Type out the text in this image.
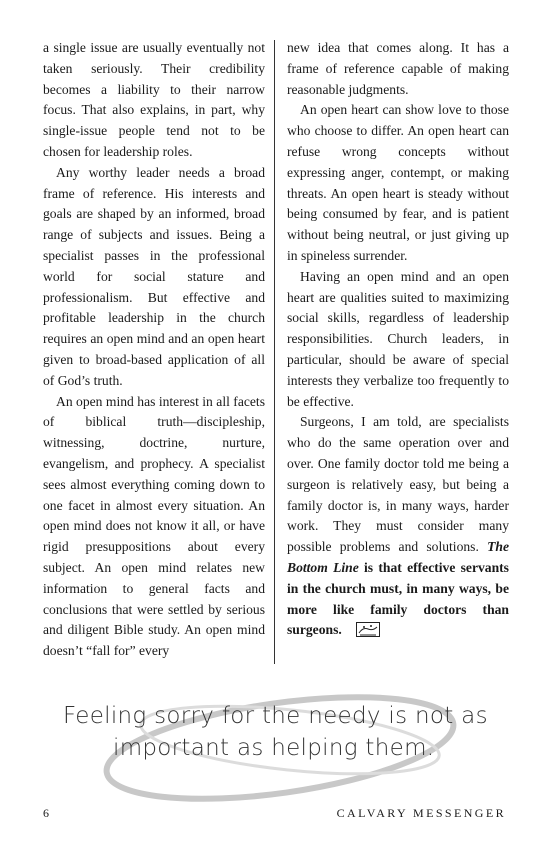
a single issue are usually eventually not taken seriously. Their credibility becomes a liability to their narrow focus. That also explains, in part, why single-issue people tend not to be chosen for leadership roles.

Any worthy leader needs a broad frame of reference. His interests and goals are shaped by an informed, broad range of subjects and issues. Being a specialist passes in the professional world for social stature and professionalism. But effective and profitable leadership in the church requires an open mind and an open heart given to broad-based application of all of God’s truth.

An open mind has interest in all facets of biblical truth—discipleship, witnessing, doctrine, nurture, evangelism, and prophecy. A specialist sees almost everything coming down to one facet in almost every situation. An open mind does not know it all, or have rigid presuppositions about every subject. An open mind relates new information to general facts and conclusions that were settled by serious and diligent Bible study. An open mind doesn’t “fall for” every

new idea that comes along. It has a frame of reference capable of making reasonable judgments.

An open heart can show love to those who choose to differ. An open heart can refuse wrong concepts without expressing anger, contempt, or making threats. An open heart is steady without being consumed by fear, and is patient without being neutral, or just giving up in spineless surrender.

Having an open mind and an open heart are qualities suited to maximizing social skills, regardless of leadership responsibilities. Church leaders, in particular, should be aware of special interests they verbalize too frequently to be effective.

Surgeons, I am told, are specialists who do the same operation over and over. One family doctor told me being a surgeon is relatively easy, but being a family doctor is, in many ways, harder work. They must consider many possible problems and solutions. The Bottom Line is that effective servants in the church must, in many ways, be more like family doctors than surgeons.

Feeling sorry for the needy is not as
important as helping them.
6	CALVARY MESSENGER
